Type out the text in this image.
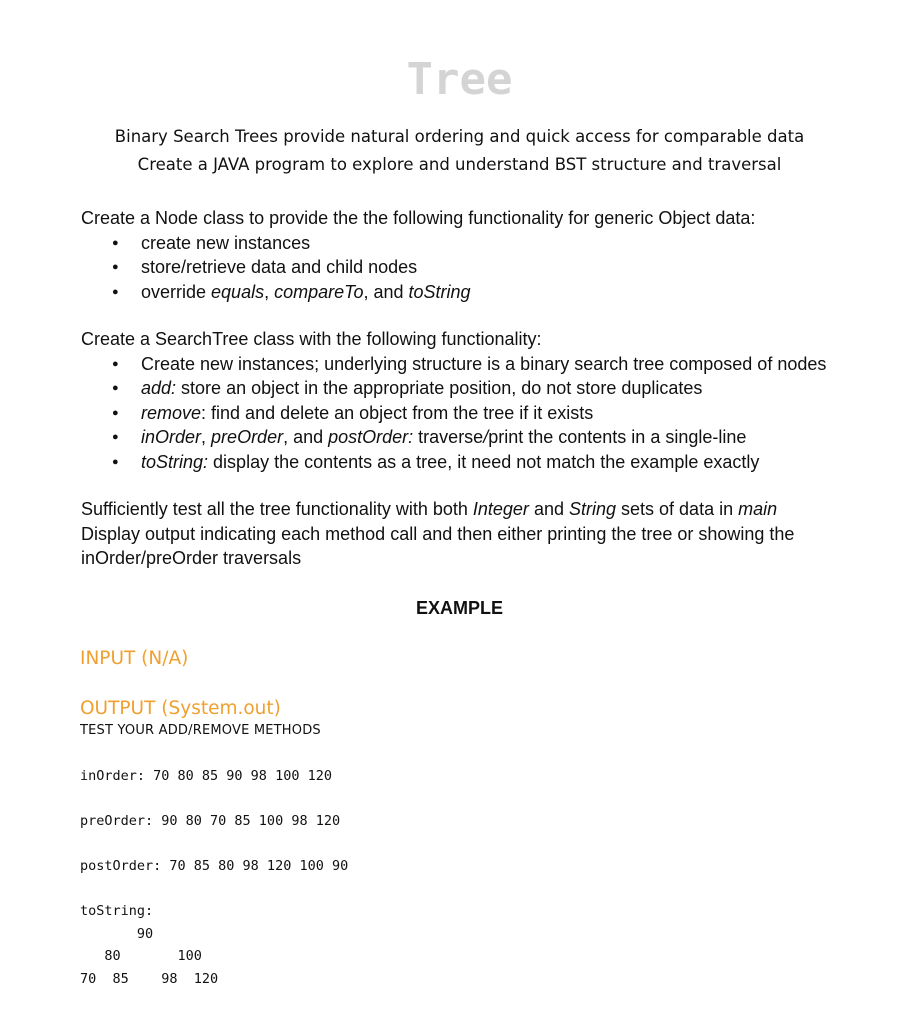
Tree
Binary Search Trees provide natural ordering and quick access for comparable data
Create a JAVA program to explore and understand BST structure and traversal

Create a Node class to provide the the following functionality for generic Object data:

● create new instances
● store/retrieve data and child nodes
● override equals, compareTo, and toString

Create a SearchTree class with the following functionality:

● Create new instances; underlying structure is a binary search tree composed of nodes
● add: store an object in the appropriate position, do not store duplicates
● remove: find and delete an object from the tree if it exists
● inOrder, preOrder, and postOrder: traverse/print the contents in a single-line
● toString: display the contents as a tree, it need not match the example exactly

Sufficiently test all the tree functionality with both Integer and String sets of data in main

Display output indicating each method call and then either printing the tree or showing the

inOrder/preOrder traversals

EXAMPLE
INPUT (N/A)
OUTPUT (System.out)
TEST YOUR ADD/REMOVE METHODS
inOrder: 70 80 85 90 98 100 120
preOrder: 90 80 70 85 100 98 120
postOrder: 70 85 80 98 120 100 90
toString:
90
80       100
70  85    98  120
